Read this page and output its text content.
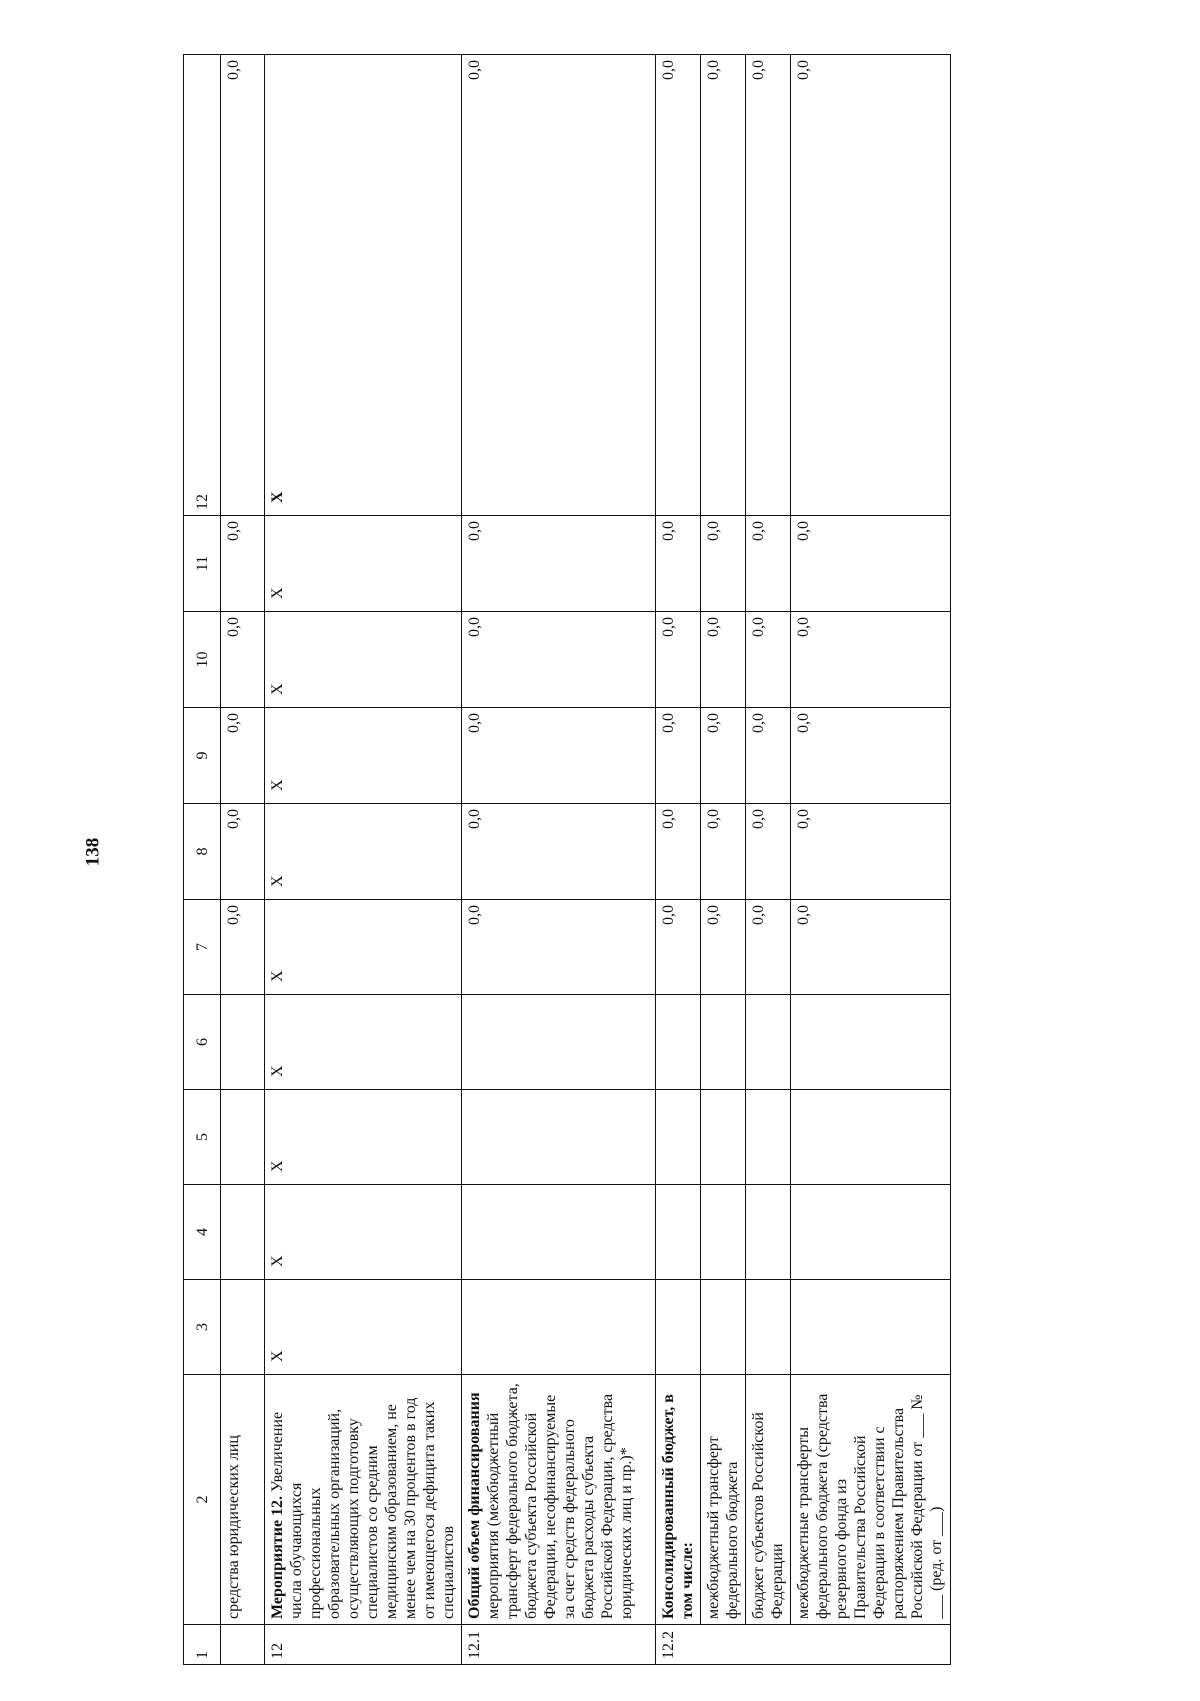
138
1	2	3	4	5	6	7	8	9	10	11	12
	средства юридических лиц					0,0	0,0	0,0	0,0	0,0	0,0
12	Мероприятие 12. Увеличение числа обучающихся профессиональных образовательных организаций, осуществляющих подготовку специалистов со средним медицинским образованием, не менее чем на 30 процентов в год от имеющегося дефицита таких специалистов	X	X	X	X	X	X	X	X	X	X
12.1	Общий объем финансирования мероприятия (межбюджетный трансферт федерального бюджета, бюджета субъекта Российской Федерации, несофинансируемые за счет средств федерального бюджета расходы субъекта Российской Федерации, средства юридических лиц и пр.)*					0,0	0,0	0,0	0,0	0,0	0,0
12.2	Консолидированный бюджет, в том числе:					0,0	0,0	0,0	0,0	0,0	0,0
	межбюджетный трансферт федерального бюджета					0,0	0,0	0,0	0,0	0,0	0,0
	бюджет субъектов Российской Федерации					0,0	0,0	0,0	0,0	0,0	0,0
	межбюджетные трансферты федерального бюджета (средства резервного фонда из Правительства Российской Федерации в соответствии с распоряжением Правительства Российской Федерации от ___ № ___ (ред. от ___)					0,0	0,0	0,0	0,0	0,0	0,0
